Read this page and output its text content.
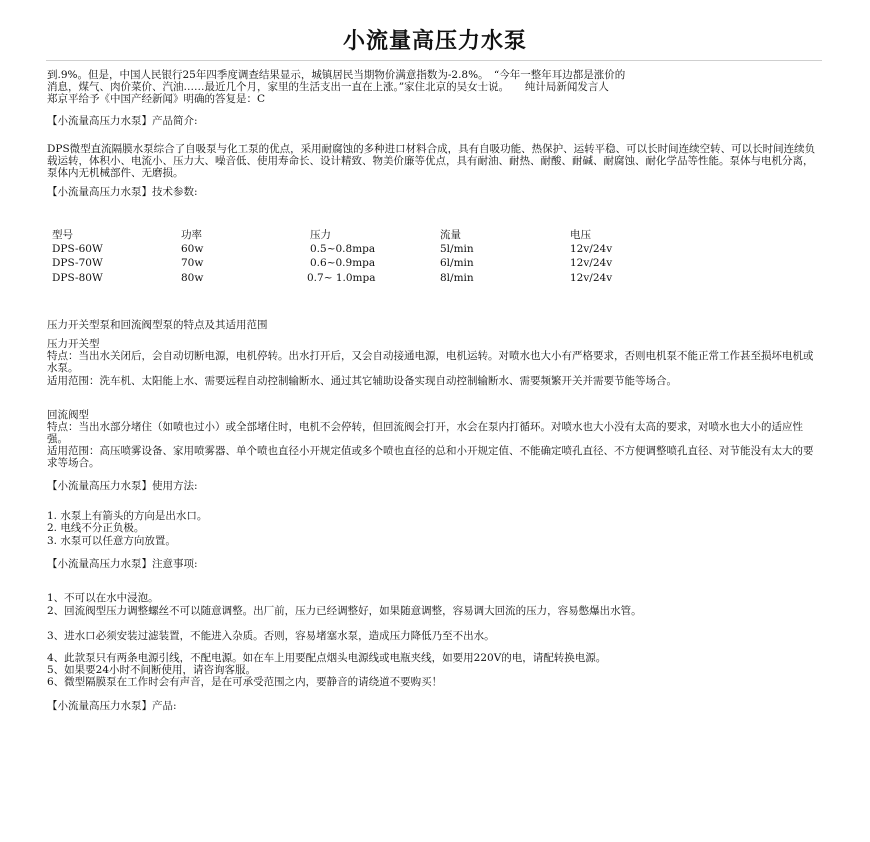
小流量高压力水泵
到.9%。但是，中国人民银行25年四季度调查结果显示，城镇居民当期物价满意指数为-2.8%。　“今年一整年耳边都是涨价的
消息，煤气、肉价菜价、汽油……最近几个月，家里的生活支出一直在上涨。”家住北京的吴女士说。　　纯计局新闻发言人
郑京平给予《中国产经新闻》明确的答复是：C
【小流量高压力水泵】产品简介:
DPS微型直流隔膜水泵综合了自吸泵与化工泵的优点，采用耐腐蚀的多种进口材料合成，具有自吸功能、热保护、运转平稳、可以长时间连续空转、可以长时间连续负载运转，体积小、电流小、压力大、噪音低、使用寿命长、设计精致、物美价廉等优点，具有耐油、耐热、耐酸、耐碱、耐腐蚀、耐化学品等性能。泵体与电机分离，泵体内无机械部件、无磨损。
【小流量高压力水泵】技术参数:
型号	功率	压力	流量	电压
DPS-60W	60w	0.5~0.8mpa	5l/min	12v/24v
DPS-70W	70w	0.6~0.9mpa	6l/min	12v/24v
DPS-80W	80w	0.7~ 1.0mpa	8l/min	12v/24v
压力开关型泵和回流阀型泵的特点及其适用范围
压力开关型
特点：当出水关闭后，会自动切断电源，电机停转。出水打开后，又会自动接通电源，电机运转。对喷水也大小有严格要求，否则电机泵不能正常工作甚至损坏电机或水泵。
适用范围：洗车机、太阳能上水、需要远程自动控制输断水、通过其它辅助设备实现自动控制输断水、需要频繁开关并需要节能等场合。
回流阀型
特点：当出水部分堵住（如喷也过小）或全部堵住时，电机不会停转，但回流阀会打开，水会在泵内打循环。对喷水也大小没有太高的要求，对喷水也大小的适应性强。
适用范围：高压喷雾设备、家用喷雾器、单个喷也直径小开规定值或多个喷也直径的总和小开规定值、不能确定喷孔直径、不方便调整喷孔直径、对节能没有太大的要求等场合。
【小流量高压力水泵】使用方法:
1. 水泵上有箭头的方向是出水口。
2. 电线不分正负极。
3. 水泵可以任意方向放置。
【小流量高压力水泵】注意事项:
1、不可以在水中浸泡。
2、回流阀型压力调整螺丝不可以随意调整。出厂前，压力已经调整好，如果随意调整，容易调大回流的压力，容易憋爆出水管。
3、进水口必须安装过滤装置，不能进入杂质。否则，容易堵塞水泵，造成压力降低乃至不出水。
4、此款泵只有两条电源引线，不配电源。如在车上用要配点烟头电源线或电瓶夹线，如要用220V的电，请配转换电源。
5、如果要24小时不间断使用，请咨询客服。
6、微型隔膜泵在工作时会有声音，是在可承受范围之内，要静音的请绕道不要购买！
【小流量高压力水泵】产品:
